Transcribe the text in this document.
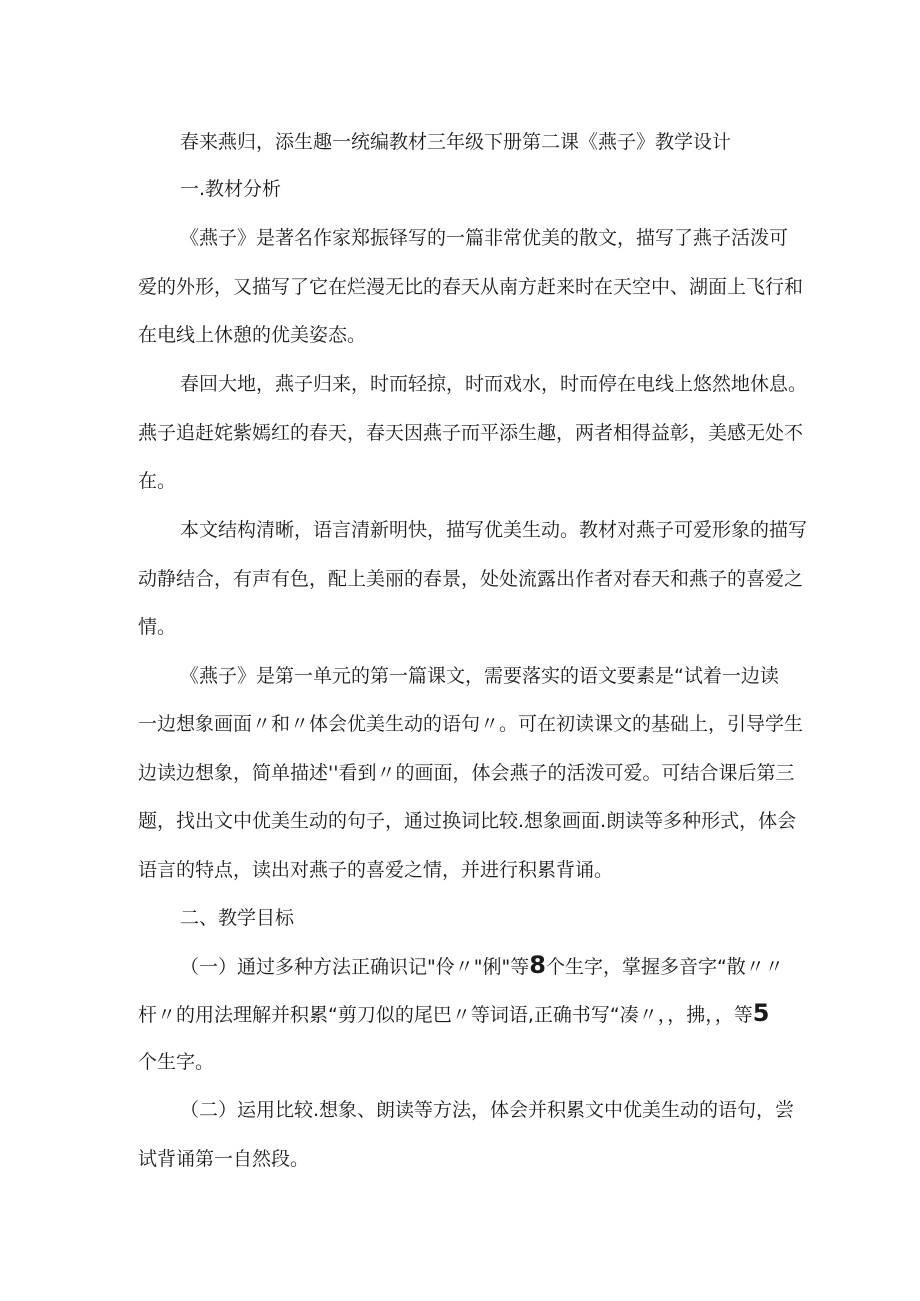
春来燕归，添生趣一统编教材三年级下册第二课《燕子》教学设计
一.教材分析
《燕子》是著名作家郑振铎写的一篇非常优美的散文，描写了燕子活泼可
爱的外形，又描写了它在烂漫无比的春天从南方赶来时在天空中、湖面上飞行和
在电线上休憩的优美姿态。
春回大地，燕子归来，时而轻掠，时而戏水，时而停在电线上悠然地休息。
燕子追赶姹紫嫣红的春天，春天因燕子而平添生趣，两者相得益彰，美感无处不
在。
本文结构清晰，语言清新明快，描写优美生动。教材对燕子可爱形象的描写
动静结合，有声有色，配上美丽的春景，处处流露出作者对春天和燕子的喜爱之
情。
《燕子》是第一单元的第一篇课文，需要落实的语文要素是“试着一边读
一边想象画面〃和〃体会优美生动的语句〃。可在初读课文的基础上，引导学生
边读边想象，简单描述''看到〃的画面，体会燕子的活泼可爱。可结合课后第三
题，找出文中优美生动的句子，通过换词比较.想象画面.朗读等多种形式，体会
语言的特点，读出对燕子的喜爱之情，并进行积累背诵。
二、教学目标
（一）通过多种方法正确识记"伶〃"俐"等8个生字，掌握多音字“散〃〃
杆〃的用法理解并积累“剪刀似的尾巴〃等词语,正确书写“凑〃，，拂，，等5
个生字。
（二）运用比较.想象、朗读等方法，体会并积累文中优美生动的语句，尝
试背诵第一自然段。
